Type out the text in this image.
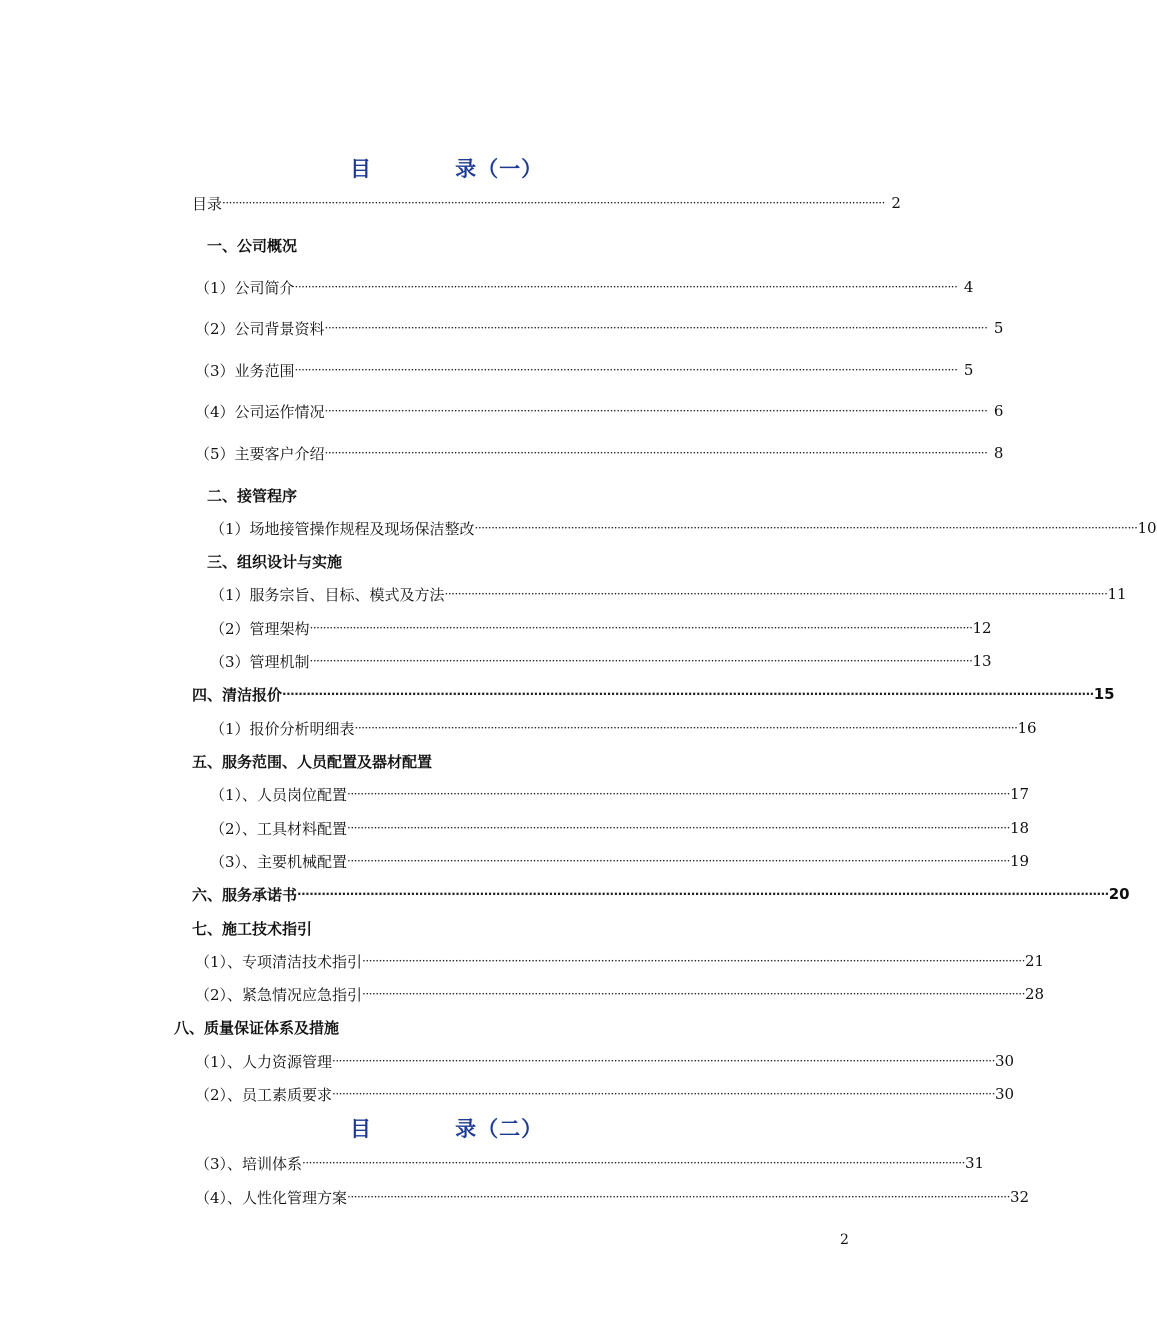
目          录（一）
目录 ········································································································································································································ 2
一、公司概况
（1）公司简介 ········································································································································································································ 4
（2）公司背景资料 ········································································································································································································ 5
（3）业务范围 ········································································································································································································ 5
（4）公司运作情况 ········································································································································································································ 6
（5）主要客户介绍 ········································································································································································································ 8
二、接管程序
（1）场地接管操作规程及现场保洁整改 ········································································································································································································ 10
三、组织设计与实施
（1）服务宗旨、目标、模式及方法 ········································································································································································································ 11
（2）管理架构 ········································································································································································································ 12
（3）管理机制 ········································································································································································································ 13
四、清洁报价 ········································································································································································································ 15
（1）报价分析明细表 ········································································································································································································ 16
五、服务范围、人员配置及器材配置
（1）、人员岗位配置 ········································································································································································································ 17
（2）、工具材料配置 ········································································································································································································ 18
（3）、主要机械配置 ········································································································································································································ 19
六、服务承诺书 ········································································································································································································ 20
七、施工技术指引
（1）、专项清洁技术指引 ········································································································································································································ 21
（2）、紧急情况应急指引 ········································································································································································································ 28
八、质量保证体系及措施
（1）、人力资源管理 ········································································································································································································ 30
（2）、员工素质要求 ········································································································································································································ 30
（3）、培训体系 ········································································································································································································ 31
（4）、人性化管理方案 ········································································································································································································ 32
目          录（二）
2
